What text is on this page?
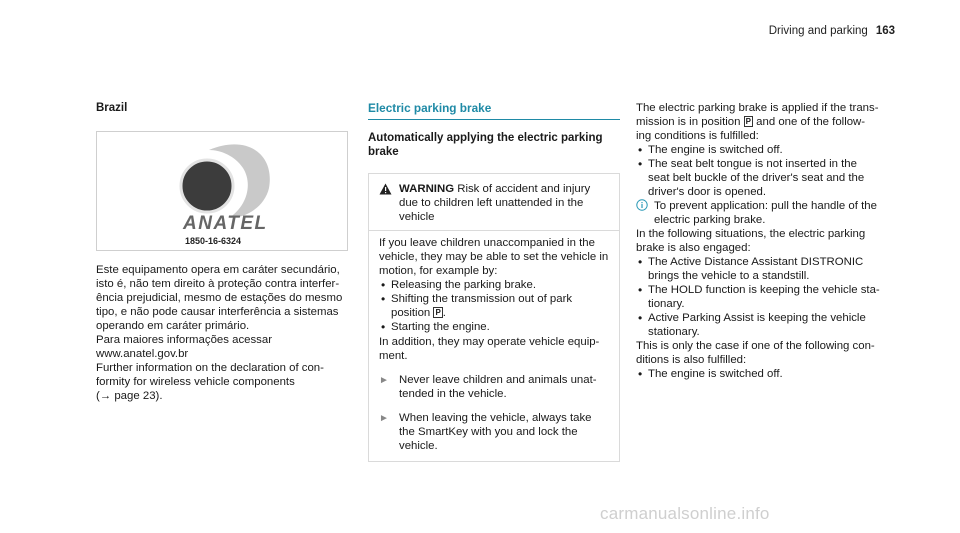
Driving and parking 163

Brazil

ANATEL
1850-16-6324

Este equipamento opera em caráter secundário,
isto é, não tem direito à proteção contra interfer-
ência prejudicial, mesmo de estações do mesmo
tipo, e não pode causar interferência a sistemas
operando em caráter primário.

Para maiores informações acessar
www.anatel.gov.br

Further information on the declaration of con-
formity for wireless vehicle components
(→ page 23).

Electric parking brake
Automatically applying the electric parking
brake
WARNING Risk of accident and injury
due to children left unattended in the
vehicle

If you leave children unaccompanied in the
vehicle, they may be able to set the vehicle in
motion, for example by:

• Releasing the parking brake.
• Shifting the transmission out of park
position P .
• Starting the engine.

In addition, they may operate vehicle equip-
ment.

► Never leave children and animals unat-
tended in the vehicle.
► When leaving the vehicle, always take
the SmartKey with you and lock the
vehicle.

The electric parking brake is applied if the trans-
mission is in position P and one of the follow-
ing conditions is fulfilled:

• The engine is switched off.
• The seat belt tongue is not inserted in the
seat belt buckle of the driver's seat and the
driver's door is opened.
To prevent application: pull the handle of the
electric parking brake.

In the following situations, the electric parking
brake is also engaged:

• The Active Distance Assistant DISTRONIC
brings the vehicle to a standstill.
• The HOLD function is keeping the vehicle sta-
tionary.
• Active Parking Assist is keeping the vehicle
stationary.

This is only the case if one of the following con-
ditions is also fulfilled:

• The engine is switched off.
carmanualsonline.info
